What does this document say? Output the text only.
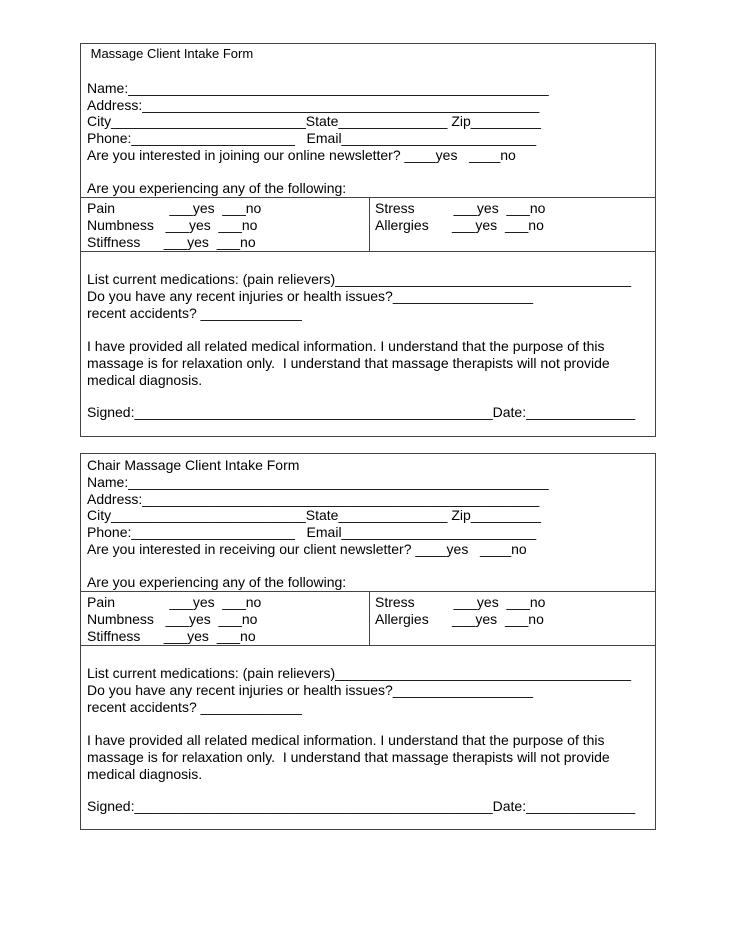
Massage Client Intake Form
Name:______________________________________________________
Address:___________________________________________________
City_________________________State______________ Zip_________
Phone:_____________________   Email_________________________
Are you interested in joining our online newsletter? ____yes   ____no
Are you experiencing any of the following:
Pain              ___yes  ___no
Numbness   ___yes  ___no
Stiffness      ___yes  ___no
Stress          ___yes  ___no
Allergies      ___yes  ___no
List current medications: (pain relievers)______________________________________
Do you have any recent injuries or health issues?__________________
recent accidents? _____________
I have provided all related medical information. I understand that the purpose of this
massage is for relaxation only.  I understand that massage therapists will not provide
medical diagnosis.
Signed:______________________________________________Date:______________
Chair Massage Client Intake Form
Name:______________________________________________________
Address:___________________________________________________
City_________________________State______________ Zip_________
Phone:_____________________   Email_________________________
Are you interested in receiving our client newsletter? ____yes   ____no
Are you experiencing any of the following:
Pain              ___yes  ___no
Numbness   ___yes  ___no
Stiffness      ___yes  ___no
Stress          ___yes  ___no
Allergies      ___yes  ___no
List current medications: (pain relievers)______________________________________
Do you have any recent injuries or health issues?__________________
recent accidents? _____________
I have provided all related medical information. I understand that the purpose of this
massage is for relaxation only.  I understand that massage therapists will not provide
medical diagnosis.
Signed:______________________________________________Date:______________
